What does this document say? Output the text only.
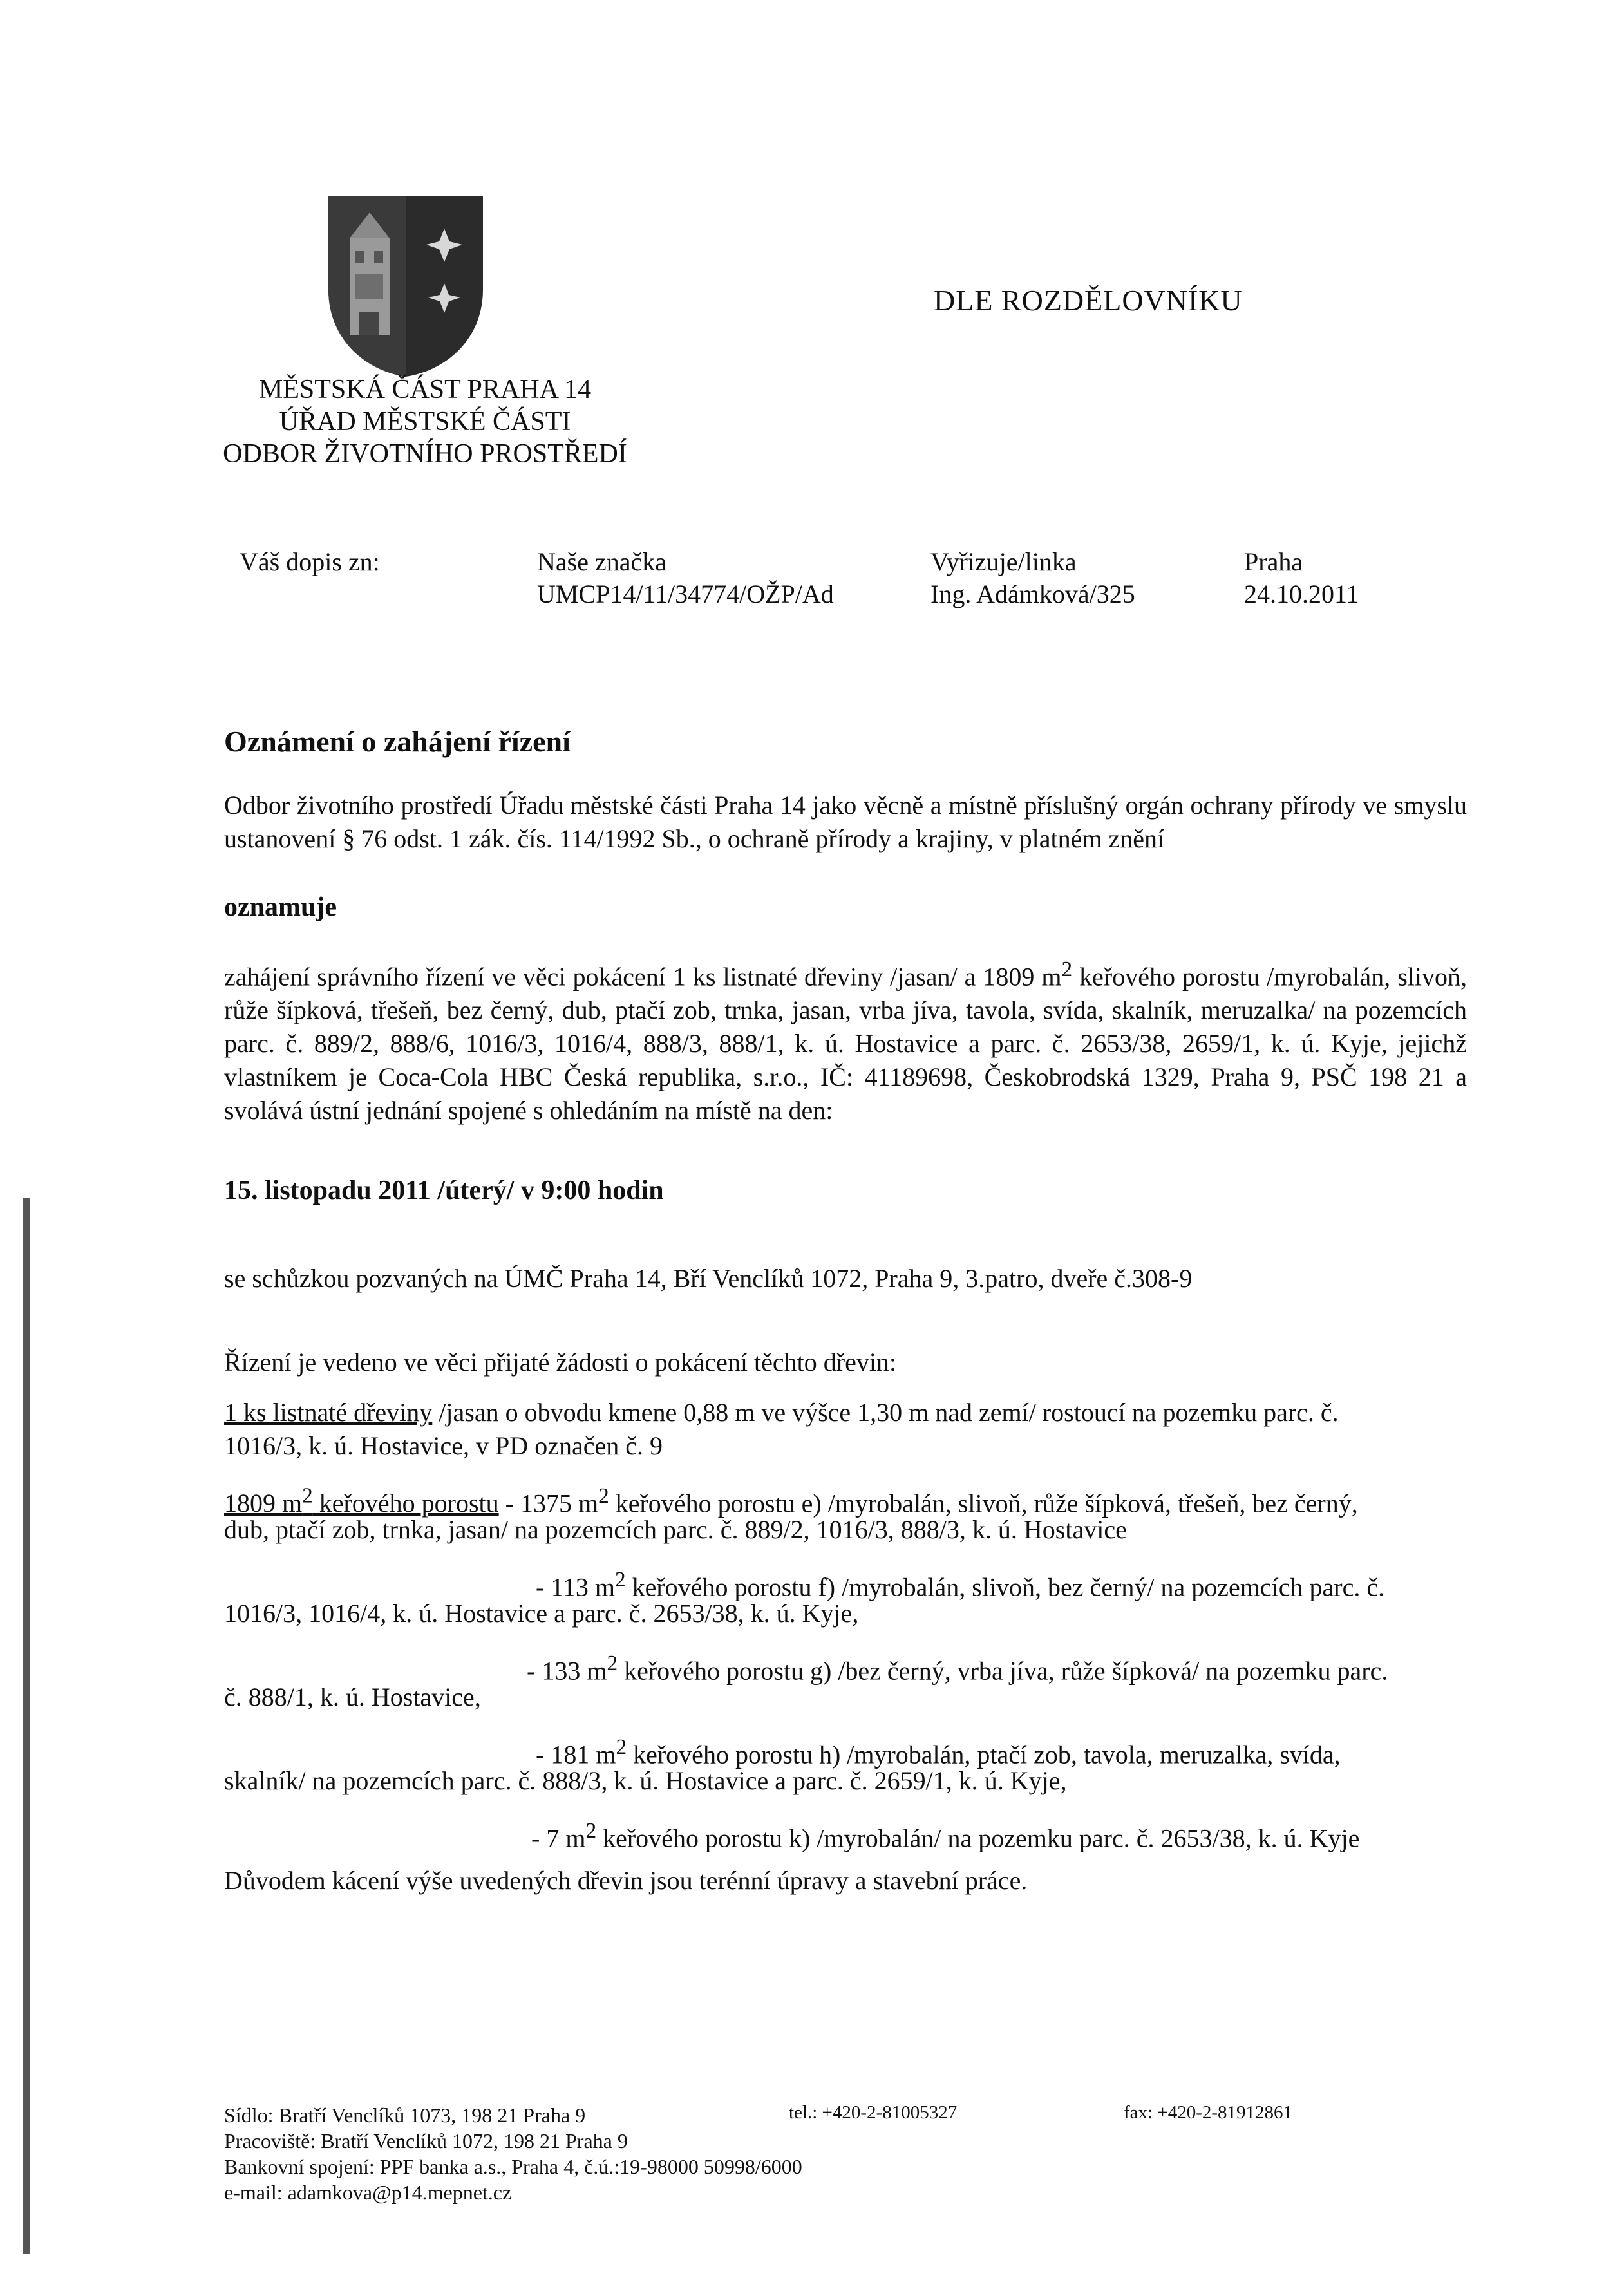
DLE ROZDĚLOVNÍKU
MĚSTSKÁ ČÁST PRAHA 14
ÚŘAD MĚSTSKÉ ČÁSTI
ODBOR ŽIVOTNÍHO PROSTŘEDÍ
Váš dopis zn:	Naše značka
UMCP14/11/34774/OŽP/Ad
Vyřizuje/linka
Ing. Adámková/325
Praha
24.10.2011
Oznámení o zahájení řízení
Odbor životního prostředí Úřadu městské části Praha 14 jako věcně a místně příslušný orgán ochrany přírody ve smyslu ustanovení § 76 odst. 1 zák. čís. 114/1992 Sb., o ochraně přírody a krajiny, v platném znění
oznamuje
zahájení správního řízení ve věci pokácení 1 ks listnaté dřeviny /jasan/ a 1809 $m^2$ keřového porostu /myrobalán, slivoň, růže šípková, třešeň, bez černý, dub, ptačí zob, trnka, jasan, vrba jíva, tavola, svída, skalník, meruzalka/ na pozemcích parc. č. 889/2, 888/6, 1016/3, 1016/4, 888/3, 888/1, k. ú. Hostavice a parc. č. 2653/38, 2659/1, k. ú. Kyje, jejichž vlastníkem je Coca-Cola HBC Česká republika, s.r.o., IČ: 41189698, Českobrodská 1329, Praha 9, PSČ 198 21 a svolává ústní jednání spojené s ohledáním na místě na den:
15. listopadu 2011 /úterý/ v 9:00 hodin
se schůzkou pozvaných na ÚMČ Praha 14, Bří Venclíků 1072, Praha 9, 3.patro, dveře č.308-9
Řízení je vedeno ve věci přijaté žádosti o pokácení těchto dřevin:
1 ks listnaté dřeviny /jasan o obvodu kmene 0,88 m ve výšce 1,30 m nad zemí/ rostoucí na pozemku parc. č.
1016/3, k. ú. Hostavice, v PD označen č. 9
1809 $m^2$ keřového porostu - 1375 $m^2$ keřového porostu e) /myrobalán, slivoň, růže šípková, třešeň, bez černý,
dub, ptačí zob, trnka, jasan/ na pozemcích parc. č. 889/2, 1016/3, 888/3, k. ú. Hostavice
- 113 $m^2$ keřového porostu f) /myrobalán, slivoň, bez černý/ na pozemcích parc. č.
1016/3, 1016/4, k. ú. Hostavice a parc. č. 2653/38, k. ú. Kyje,
- 133 $m^2$ keřového porostu g) /bez černý, vrba jíva, růže šípková/ na pozemku parc.
č. 888/1, k. ú. Hostavice,
- 181 $m^2$ keřového porostu h) /myrobalán, ptačí zob, tavola, meruzalka, svída,
skalník/ na pozemcích parc. č. 888/3, k. ú. Hostavice a parc. č. 2659/1, k. ú. Kyje,
- 7 $m^2$ keřového porostu k) /myrobalán/ na pozemku parc. č. 2653/38, k. ú. Kyje
Důvodem kácení výše uvedených dřevin jsou terénní úpravy a stavební práce.
Sídlo: Bratří Venclíků 1073, 198 21 Praha 9
Pracoviště: Bratří Venclíků 1072, 198 21 Praha 9
Bankovní spojení: PPF banka a.s., Praha 4, č.ú.:19-98000 50998/6000
e-mail: adamkova@p14.mepnet.cz
tel.: +420-2-81005327	fax: +420-2-81912861
